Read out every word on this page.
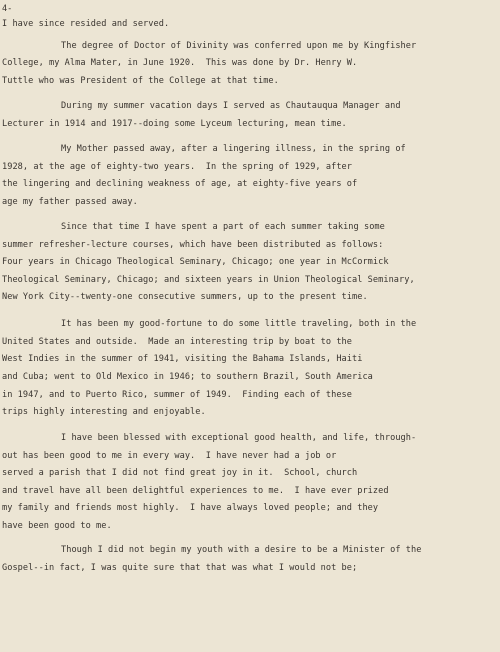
4-
I have since resided and served.
The degree of Doctor of Divinity was conferred upon me by Kingfisher
College, my Alma Mater, in June 1920.  This was done by Dr. Henry W.
Tuttle who was President of the College at that time.
During my summer vacation days I served as Chautauqua Manager and
Lecturer in 1914 and 1917--doing some Lyceum lecturing, mean time.
My Mother passed away, after a lingering illness, in the spring of
1928, at the age of eighty-two years.  In the spring of 1929, after
the lingering and declining weakness of age, at eighty-five years of
age my father passed away.
Since that time I have spent a part of each summer taking some
summer refresher-lecture courses, which have been distributed as follows:
Four years in Chicago Theological Seminary, Chicago; one year in McCormick
Theological Seminary, Chicago; and sixteen years in Union Theological Seminary,
New York City--twenty-one consecutive summers, up to the present time.
It has been my good-fortune to do some little traveling, both in the
United States and outside.  Made an interesting trip by boat to the
West Indies in the summer of 1941, visiting the Bahama Islands, Haiti
and Cuba; went to Old Mexico in 1946; to southern Brazil, South America
in 1947, and to Puerto Rico, summer of 1949.  Finding each of these
trips highly interesting and enjoyable.
I have been blessed with exceptional good health, and life, through-
out has been good to me in every way.  I have never had a job or
served a parish that I did not find great joy in it.  School, church
and travel have all been delightful experiences to me.  I have ever prized
my family and friends most highly.  I have always loved people; and they
have been good to me.
Though I did not begin my youth with a desire to be a Minister of the
Gospel--in fact, I was quite sure that that was what I would not be;
